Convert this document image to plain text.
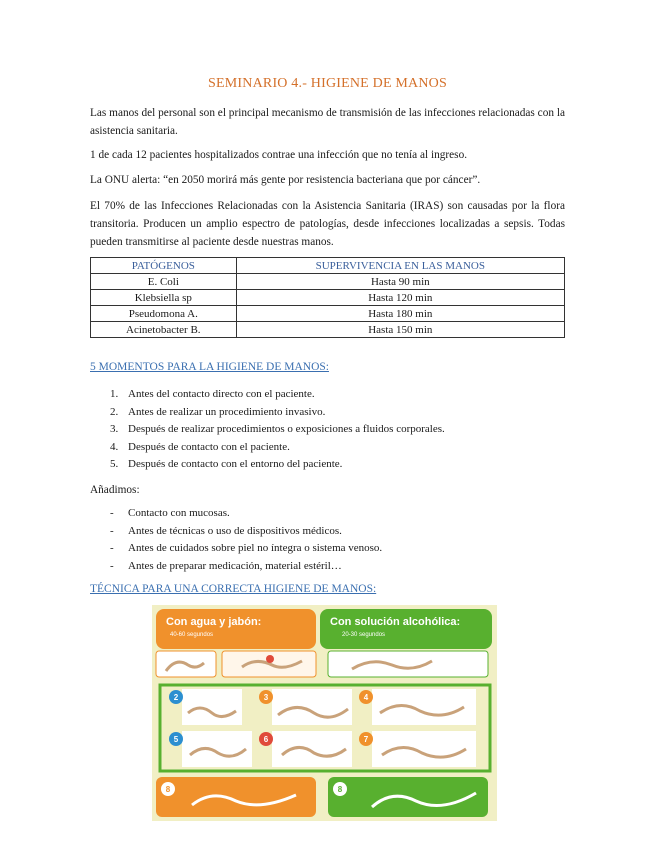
SEMINARIO 4.- HIGIENE DE MANOS

Las manos del personal son el principal mecanismo de transmisión de las infecciones relacionadas con la asistencia sanitaria.

1 de cada 12 pacientes hospitalizados contrae una infección que no tenía al ingreso.

La ONU alerta: “en 2050 morirá más gente por resistencia bacteriana que por cáncer”.

El 70% de las Infecciones Relacionadas con la Asistencia Sanitaria (IRAS) son causadas por la flora transitoria. Producen un amplio espectro de patologías, desde infecciones localizadas a sepsis. Todas pueden transmitirse al paciente desde nuestras manos.

PATÓGENOS	SUPERVIVENCIA EN LAS MANOS
E. Coli	Hasta 90 min
Klebsiella sp	Hasta 120 min
Pseudomona A.	Hasta 180 min
Acinetobacter B.	Hasta 150 min
5 MOMENTOS PARA LA HIGIENE DE MANOS:
1. Antes del contacto directo con el paciente.
2. Antes de realizar un procedimiento invasivo.
3. Después de realizar procedimientos o exposiciones a fluidos corporales.
4. Después de contacto con el paciente.
5. Después de contacto con el entorno del paciente.
Añadimos:
- Contacto con mucosas.
- Antes de técnicas o uso de dispositivos médicos.
- Antes de cuidados sobre piel no íntegra o sistema venoso.
- Antes de preparar medicación, material estéril…
TÉCNICA PARA UNA CORRECTA HIGIENE DE MANOS:
Con agua y jabón:
40-60 segundos
Con solución alcohólica:
20-30 segundos
2	3	4
5	6	7
8	8
